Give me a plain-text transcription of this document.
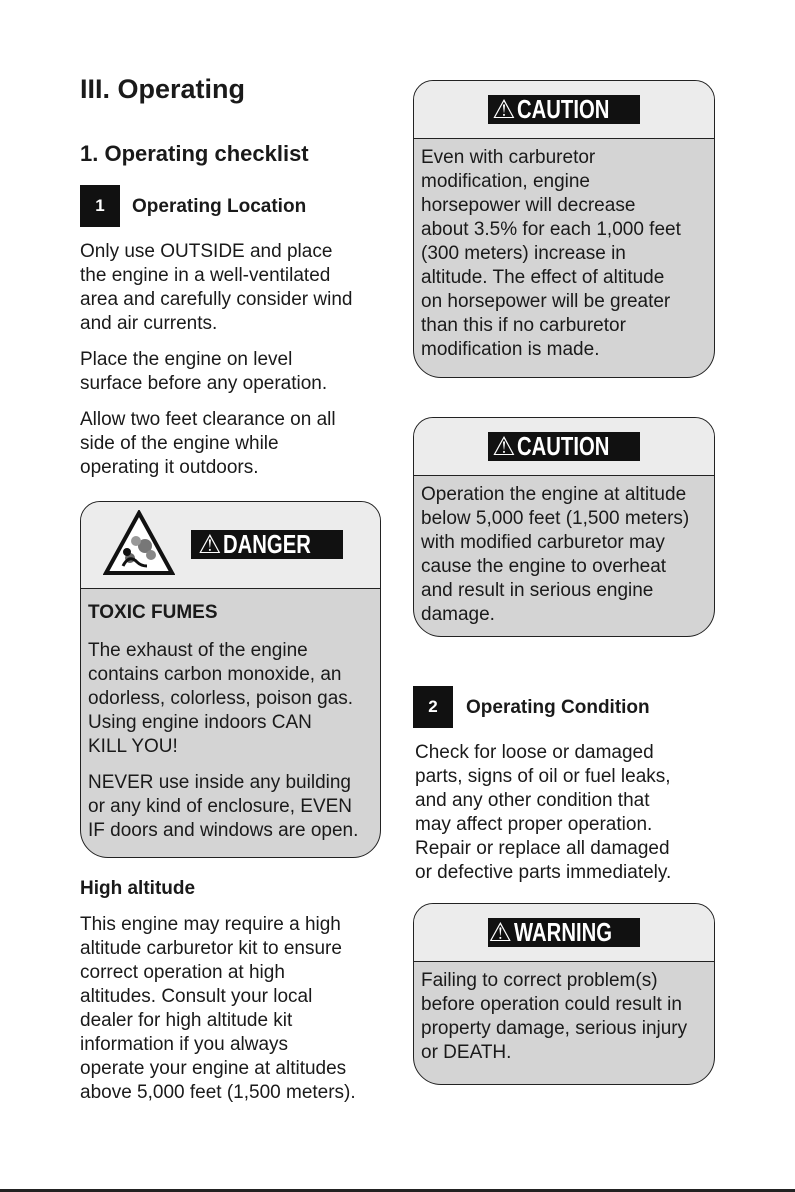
III. Operating
1. Operating checklist
1	Operating Location

Only use OUTSIDE and place
the engine in a well-ventilated
area and carefully consider wind
and air currents.

Place the engine on level
surface before any operation.

Allow two feet clearance on all
side of the engine while
operating it outdoors.

⚠ DANGER

TOXIC FUMES

The exhaust of the engine
contains carbon monoxide, an
odorless, colorless, poison gas.
Using engine indoors CAN
KILL YOU!

NEVER use inside any building
or any kind of enclosure, EVEN
IF doors and windows are open.

High altitude

This engine may require a high
altitude carburetor kit to ensure
correct operation at high
altitudes. Consult your local
dealer for high altitude kit
information if you always
operate your engine at altitudes
above 5,000 feet (1,500 meters).

⚠ CAUTION

Even with carburetor
modification, engine
horsepower will decrease
about 3.5% for each 1,000 feet
(300 meters) increase in
altitude. The effect of altitude
on horsepower will be greater
than this if no carburetor
modification is made.

⚠ CAUTION

Operation the engine at altitude
below 5,000 feet (1,500 meters)
with modified carburetor may
cause the engine to overheat
and result in serious engine
damage.

2	Operating Condition

Check for loose or damaged
parts, signs of oil or fuel leaks,
and any other condition that
may affect proper operation.
Repair or replace all damaged
or defective parts immediately.

⚠ WARNING

Failing to correct problem(s)
before operation could result in
property damage, serious injury
or DEATH.
